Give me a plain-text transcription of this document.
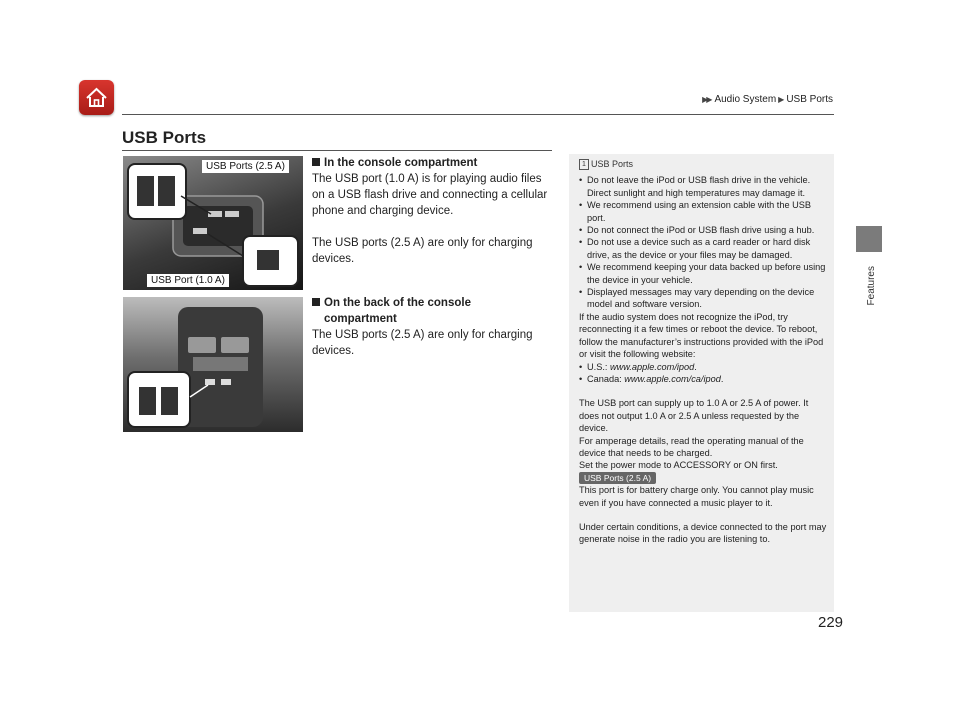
▶▶ Audio System ▶ USB Ports
Features
USB Ports
USB Ports (2.5 A)
USB Port (1.0 A)
In the console compartment
The USB port (1.0 A) is for playing audio files on a USB flash drive and connecting a cellular phone and charging device.
The USB ports (2.5 A) are only for charging devices.
On the back of the console
compartment
The USB ports (2.5 A) are only for charging devices.
1 USB Ports
• Do not leave the iPod or USB flash drive in the vehicle. Direct sunlight and high temperatures may damage it.
• We recommend using an extension cable with the USB port.
• Do not connect the iPod or USB flash drive using a hub.
• Do not use a device such as a card reader or hard disk drive, as the device or your files may be damaged.
• We recommend keeping your data backed up before using the device in your vehicle.
• Displayed messages may vary depending on the device model and software version.
If the audio system does not recognize the iPod, try reconnecting it a few times or reboot the device. To reboot, follow the manufacturer’s instructions provided with the iPod or visit the following website:
• U.S.: www.apple.com/ipod.
• Canada: www.apple.com/ca/ipod.
The USB port can supply up to 1.0 A or 2.5 A of power. It does not output 1.0 A or 2.5 A unless requested by the device.
For amperage details, read the operating manual of the device that needs to be charged.
Set the power mode to ACCESSORY or ON first.
USB Ports (2.5 A)
This port is for battery charge only. You cannot play music even if you have connected a music player to it.
Under certain conditions, a device connected to the port may generate noise in the radio you are listening to.
229
